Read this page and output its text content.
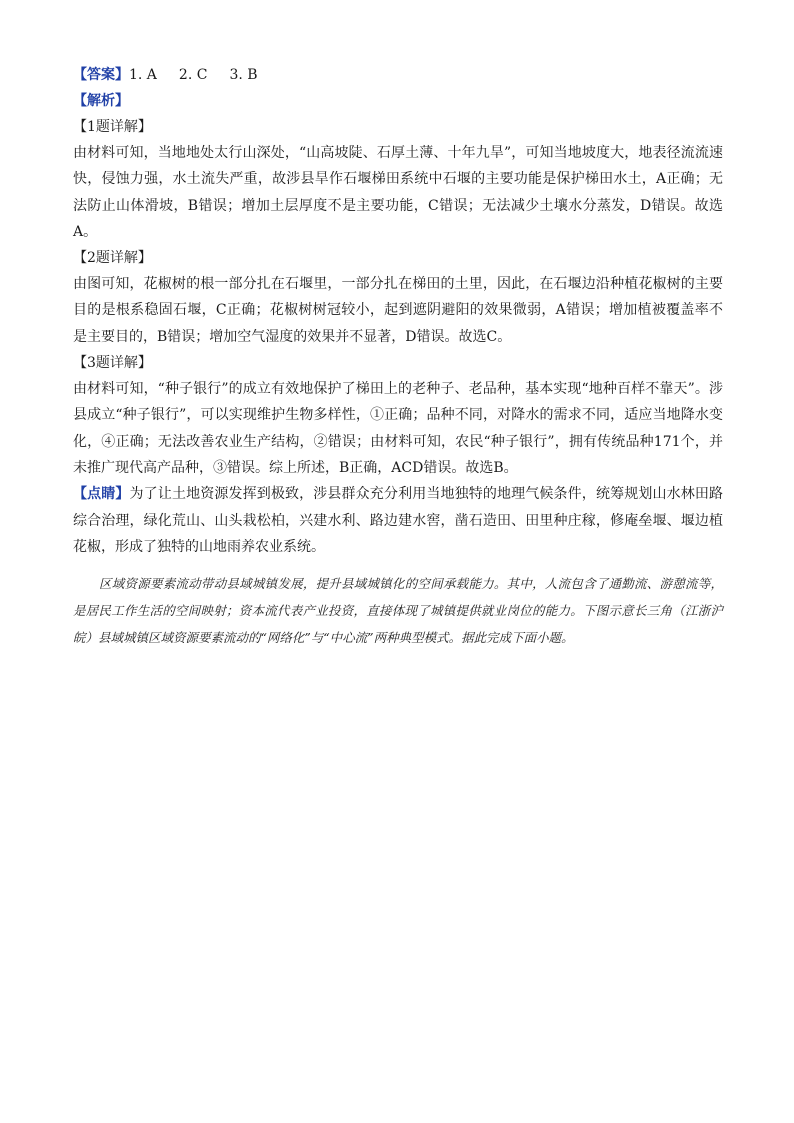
【答案】1. A 2. C 3. B

【解析】

【1题详解】

由材料可知，当地地处太行山深处，“山高坡陡、石厚土薄、十年九旱”，可知当地坡度大，地表径流流速快，侵蚀力强，水土流失严重，故涉县旱作石堰梯田系统中石堰的主要功能是保护梯田水土，A正确；无法防止山体滑坡，B错误；增加土层厚度不是主要功能，C错误；无法减少土壤水分蒸发，D错误。故选A。

【2题详解】

由图可知，花椒树的根一部分扎在石堰里，一部分扎在梯田的土里，因此，在石堰边沿种植花椒树的主要目的是根系稳固石堰，C正确；花椒树树冠较小，起到遮阴避阳的效果微弱，A错误；增加植被覆盖率不是主要目的，B错误；增加空气湿度的效果并不显著，D错误。故选C。

【3题详解】

由材料可知，“种子银行”的成立有效地保护了梯田上的老种子、老品种，基本实现“地种百样不靠天”。涉县成立“种子银行”，可以实现维护生物多样性，①正确；品种不同，对降水的需求不同，适应当地降水变化，④正确；无法改善农业生产结构，②错误；由材料可知，农民“种子银行”，拥有传统品种171个，并未推广现代高产品种，③错误。综上所述，B正确，ACD错误。故选B。

【点睛】为了让土地资源发挥到极致，涉县群众充分利用当地独特的地理气候条件，统筹规划山水林田路综合治理，绿化荒山、山头栽松柏，兴建水利、路边建水窖，凿石造田、田里种庄稼，修庵垒堰、堰边植花椒，形成了独特的山地雨养农业系统。

区域资源要素流动带动县域城镇发展，提升县域城镇化的空间承载能力。其中，人流包含了通勤流、游憩流等，是居民工作生活的空间映射；资本流代表产业投资，直接体现了城镇提供就业岗位的能力。下图示意长三角（江浙沪皖）县域城镇区域资源要素流动的“网络化”与“中心流”两种典型模式。据此完成下面小题。
